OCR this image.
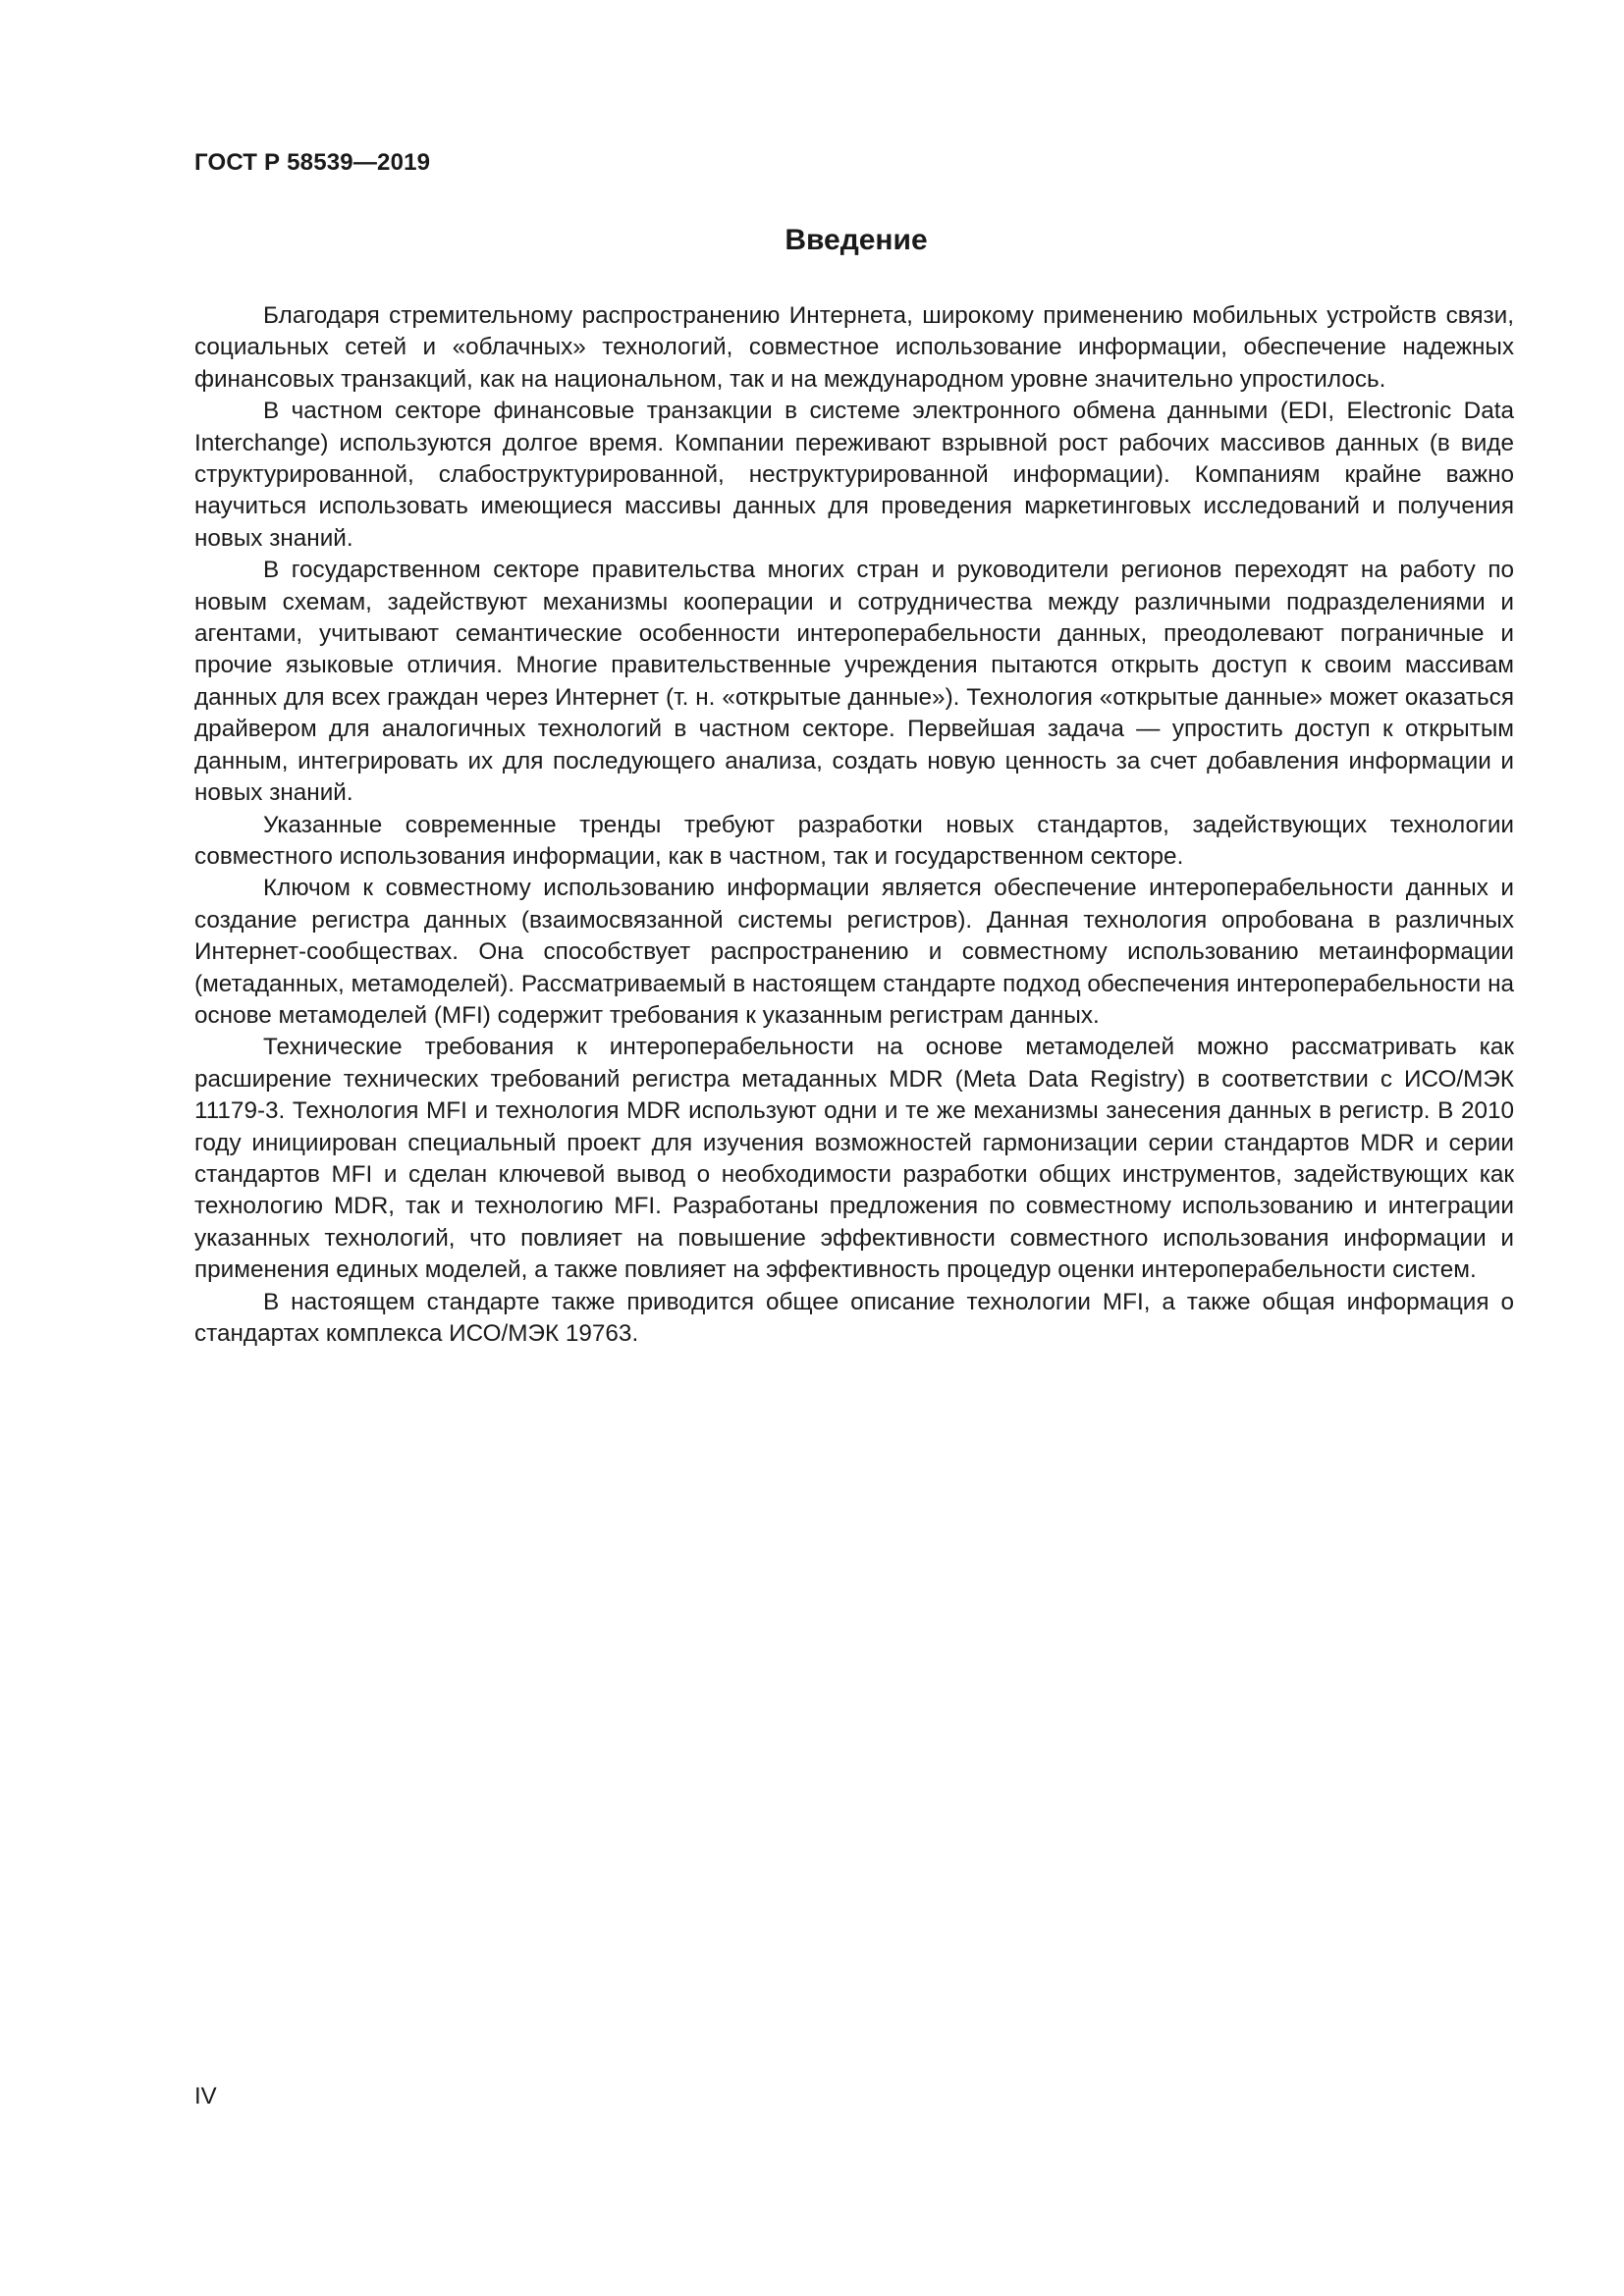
ГОСТ Р 58539—2019
Введение

Благодаря стремительному распространению Интернета, широкому применению мобильных устройств связи, социальных сетей и «облачных» технологий, совместное использование информации, обеспечение надежных финансовых транзакций, как на национальном, так и на международном уровне значительно упростилось.

В частном секторе финансовые транзакции в системе электронного обмена данными (EDI, Electronic Data Interchange) используются долгое время. Компании переживают взрывной рост рабочих массивов данных (в виде структурированной, слабоструктурированной, неструктурированной информации). Компаниям крайне важно научиться использовать имеющиеся массивы данных для проведения маркетинговых исследований и получения новых знаний.

В государственном секторе правительства многих стран и руководители регионов переходят на работу по новым схемам, задействуют механизмы кооперации и сотрудничества между различными подразделениями и агентами, учитывают семантические особенности интероперабельности данных, преодолевают пограничные и прочие языковые отличия. Многие правительственные учреждения пытаются открыть доступ к своим массивам данных для всех граждан через Интернет (т. н. «открытые данные»). Технология «открытые данные» может оказаться драйвером для аналогичных технологий в частном секторе. Первейшая задача — упростить доступ к открытым данным, интегрировать их для последующего анализа, создать новую ценность за счет добавления информации и новых знаний.

Указанные современные тренды требуют разработки новых стандартов, задействующих технологии совместного использования информации, как в частном, так и государственном секторе.

Ключом к совместному использованию информации является обеспечение интероперабельности данных и создание регистра данных (взаимосвязанной системы регистров). Данная технология опробована в различных Интернет-сообществах. Она способствует распространению и совместному использованию метаинформации (метаданных, метамоделей). Рассматриваемый в настоящем стандарте подход обеспечения интероперабельности на основе метамоделей (MFI) содержит требования к указанным регистрам данных.

Технические требования к интероперабельности на основе метамоделей можно рассматривать как расширение технических требований регистра метаданных MDR (Meta Data Registry) в соответствии с ИСО/МЭК 11179-3. Технология MFI и технология MDR используют одни и те же механизмы занесения данных в регистр. В 2010 году инициирован специальный проект для изучения возможностей гармонизации серии стандартов MDR и серии стандартов MFI и сделан ключевой вывод о необходимости разработки общих инструментов, задействующих как технологию MDR, так и технологию MFI. Разработаны предложения по совместному использованию и интеграции указанных технологий, что повлияет на повышение эффективности совместного использования информации и применения единых моделей, а также повлияет на эффективность процедур оценки интероперабельности систем.

В настоящем стандарте также приводится общее описание технологии MFI, а также общая информация о стандартах комплекса ИСО/МЭК 19763.

IV
